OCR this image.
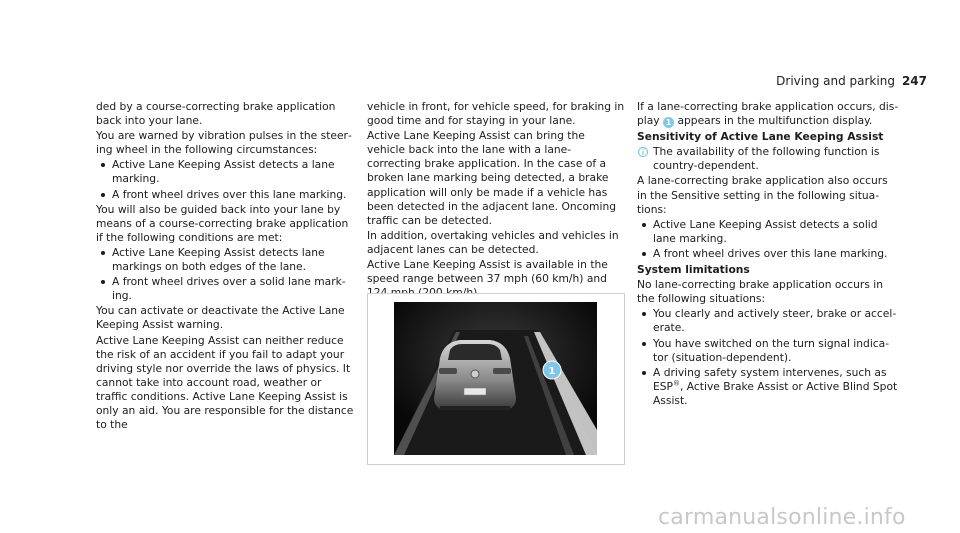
Driving and parking 247

ded by a course-correcting brake application back into your lane.

You are warned by vibration pulses in the steering wheel in the following circumstances:

Active Lane Keeping Assist detects a lane marking.
A front wheel drives over this lane marking.

You will also be guided back into your lane by means of a course-correcting brake application if the following conditions are met:

Active Lane Keeping Assist detects lane markings on both edges of the lane.
A front wheel drives over a solid lane marking.

You can activate or deactivate the Active Lane Keeping Assist warning.

Active Lane Keeping Assist can neither reduce the risk of an accident if you fail to adapt your driving style nor override the laws of physics. It cannot take into account road, weather or traffic conditions. Active Lane Keeping Assist is only an aid. You are responsible for the distance to the

vehicle in front, for vehicle speed, for braking in good time and for staying in your lane.

Active Lane Keeping Assist can bring the vehicle back into the lane with a lane-correcting brake application. In the case of a broken lane marking being detected, a brake application will only be made if a vehicle has been detected in the adjacent lane. Oncoming traffic can be detected.

In addition, overtaking vehicles and vehicles in adjacent lanes can be detected.

Active Lane Keeping Assist is available in the speed range between 37 mph (60 km/h) and

1

If a lane-correcting brake application occurs, display 1 appears in the multifunction display.

Sensitivity of Active Lane Keeping Assist
The availability of the following function is country-dependent.

A lane-correcting brake application also occurs in the Sensitive setting in the following situations:

Active Lane Keeping Assist detects a solid lane marking.
A front wheel drives over this lane marking.
System limitations

No lane-correcting brake application occurs in the following situations:

You clearly and actively steer, brake or accelerate.
You have switched on the turn signal indicator (situation-dependent).
A driving safety system intervenes, such as ESP®, Active Brake Assist or Active Blind Spot Assist.
carmanualsonline.info
